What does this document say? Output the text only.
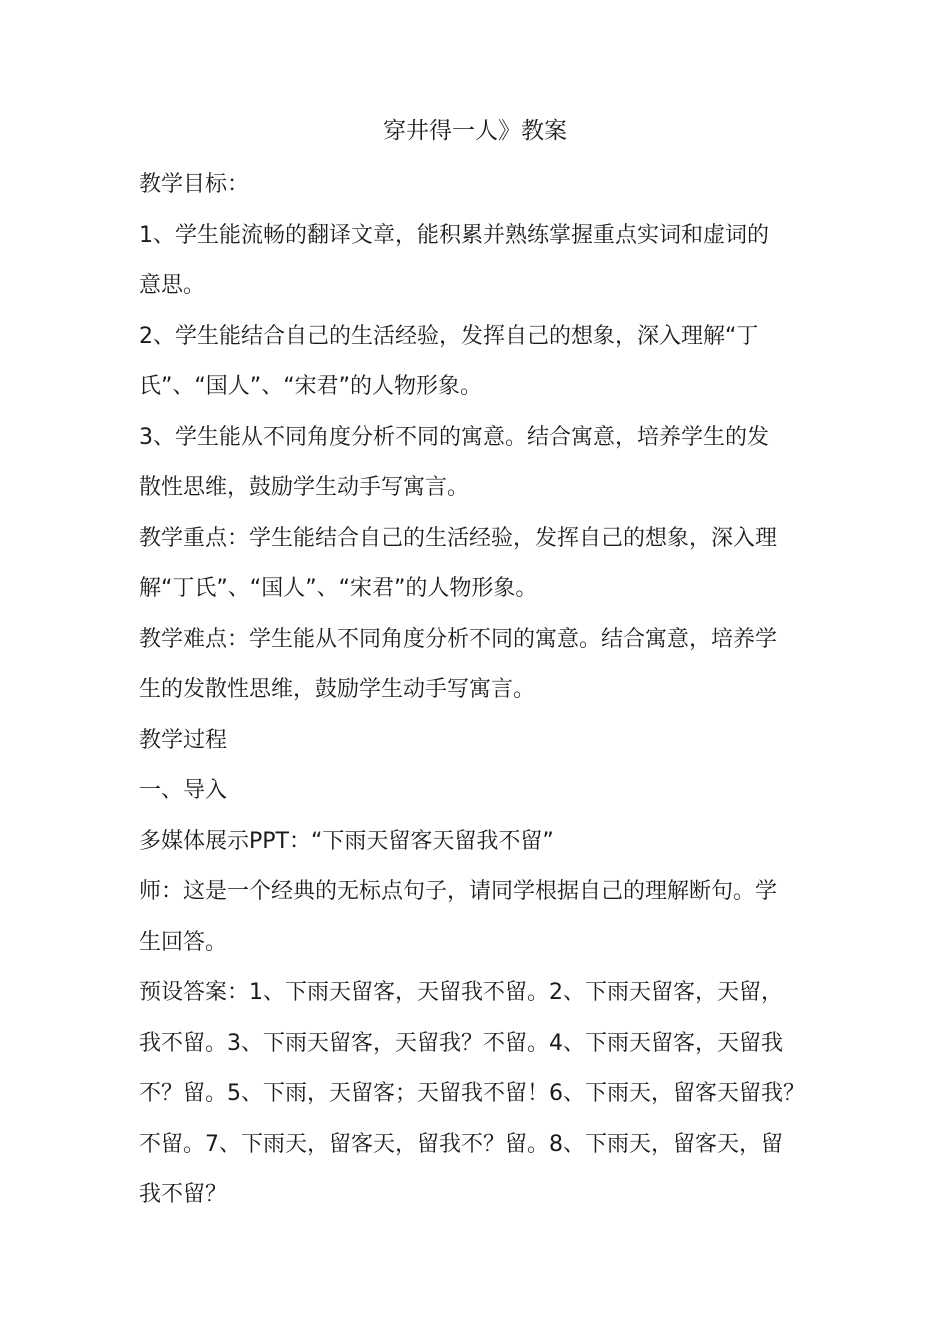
穿井得一人》教案

教学目标：

1、学生能流畅的翻译文章，能积累并熟练掌握重点实词和虚词的
意思。

2、学生能结合自己的生活经验，发挥自己的想象，深入理解“丁
氏”、“国人”、“宋君”的人物形象。

3、学生能从不同角度分析不同的寓意。结合寓意，培养学生的发
散性思维，鼓励学生动手写寓言。

教学重点：学生能结合自己的生活经验，发挥自己的想象，深入理
解“丁氏”、“国人”、“宋君”的人物形象。

教学难点：学生能从不同角度分析不同的寓意。结合寓意，培养学
生的发散性思维，鼓励学生动手写寓言。

教学过程

一、导入

多媒体展示PPT：“下雨天留客天留我不留”

师：这是一个经典的无标点句子，请同学根据自己的理解断句。学
生回答。

预设答案：1、下雨天留客，天留我不留。2、下雨天留客，天留，
我不留。3、下雨天留客，天留我？不留。4、下雨天留客，天留我
不？留。5、下雨，天留客；天留我不留！6、下雨天，留客天留我？
不留。7、下雨天，留客天，留我不？留。8、下雨天，留客天，留
我不留？
